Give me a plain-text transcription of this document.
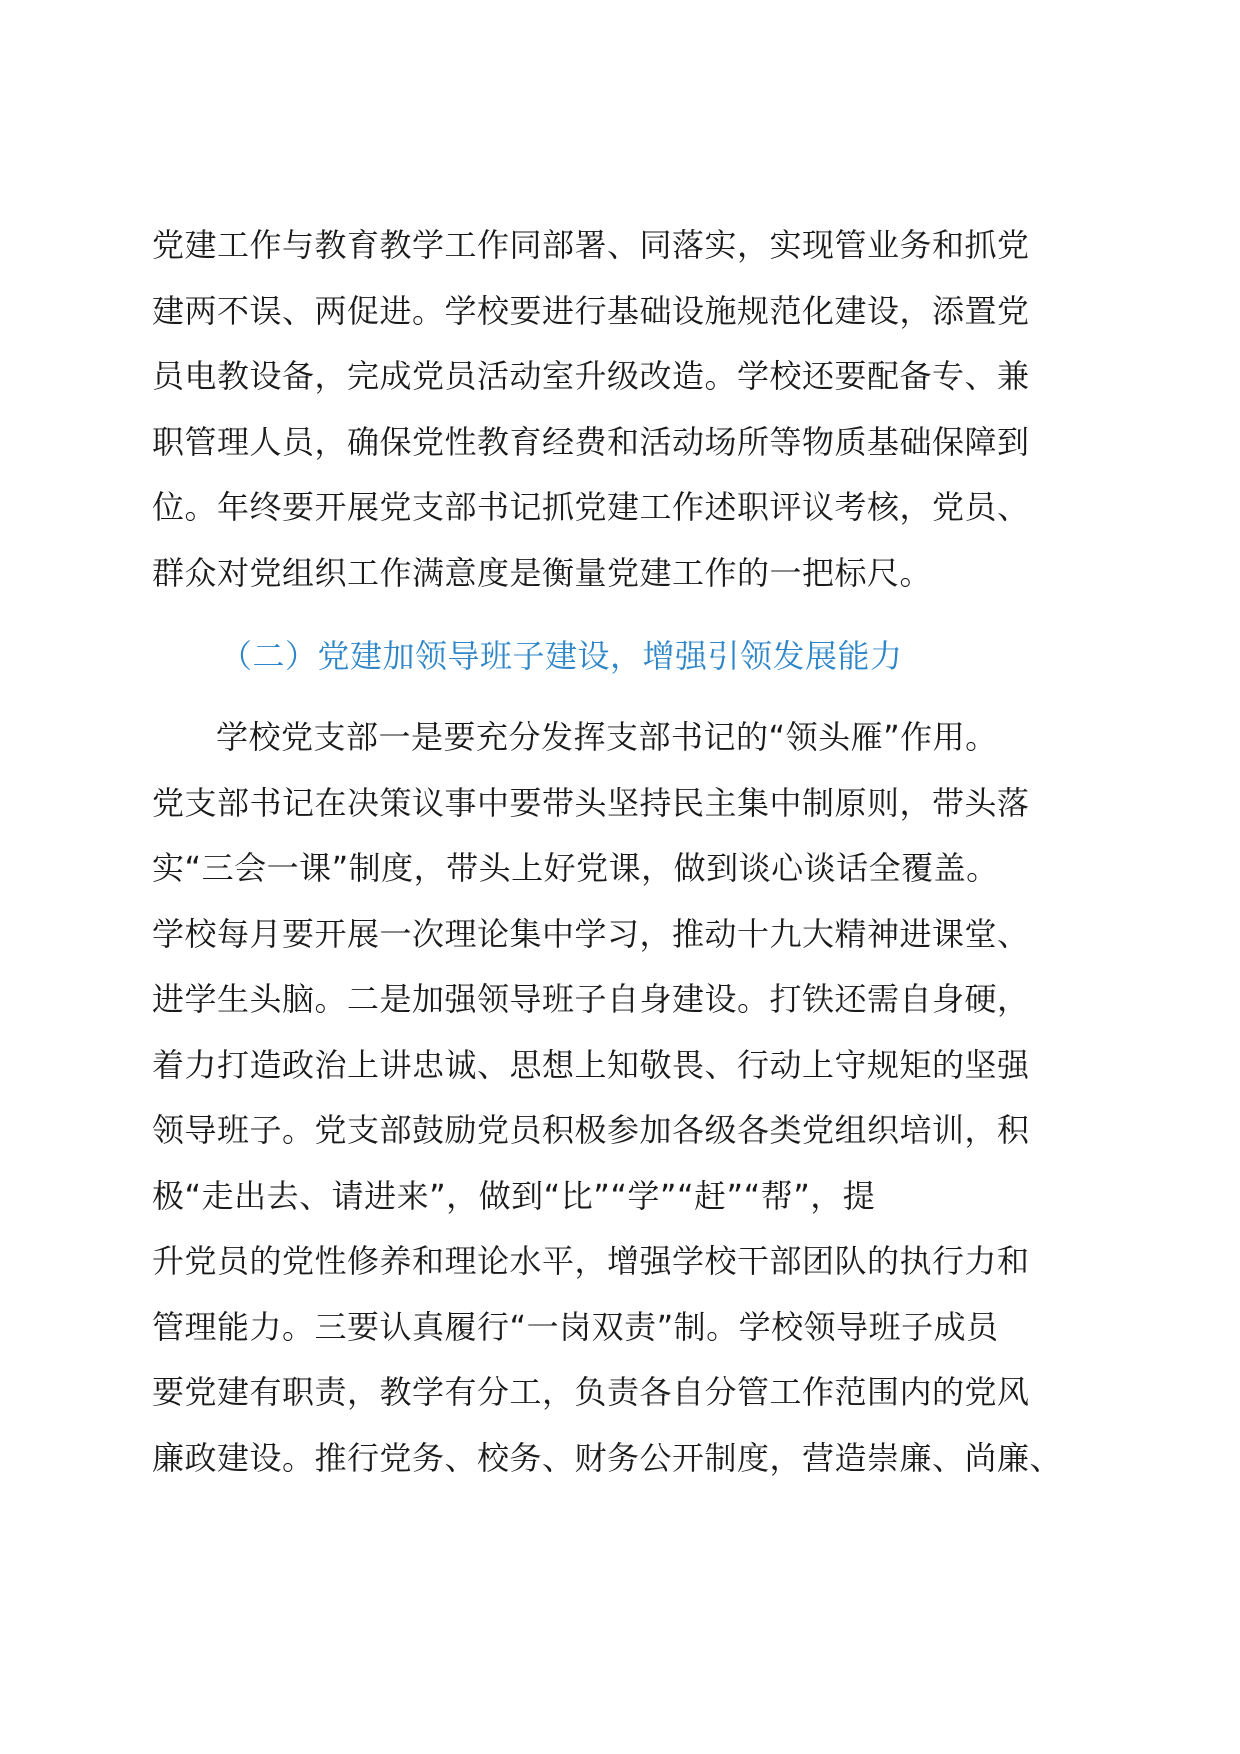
党建工作与教育教学工作同部署、同落实，实现管业务和抓党
建两不误、两促进。学校要进行基础设施规范化建设，添置党
员电教设备，完成党员活动室升级改造。学校还要配备专、兼
职管理人员，确保党性教育经费和活动场所等物质基础保障到
位。年终要开展党支部书记抓党建工作述职评议考核，党员、
群众对党组织工作满意度是衡量党建工作的一把标尺。
（二）党建加领导班子建设，增强引领发展能力
学校党支部一是要充分发挥支部书记的“领头雁”作用。
党支部书记在决策议事中要带头坚持民主集中制原则，带头落
实“三会一课”制度，带头上好党课，做到谈心谈话全覆盖。
学校每月要开展一次理论集中学习，推动十九大精神进课堂、
进学生头脑。二是加强领导班子自身建设。打铁还需自身硬，
着力打造政治上讲忠诚、思想上知敬畏、行动上守规矩的坚强
领导班子。党支部鼓励党员积极参加各级各类党组织培训，积
极“走出去、请进来”，做到“比”“学”“赶”“帮”，提
升党员的党性修养和理论水平，增强学校干部团队的执行力和
管理能力。三要认真履行“一岗双责”制。学校领导班子成员
要党建有职责，教学有分工，负责各自分管工作范围内的党风
廉政建设。推行党务、校务、财务公开制度，营造崇廉、尚廉、
